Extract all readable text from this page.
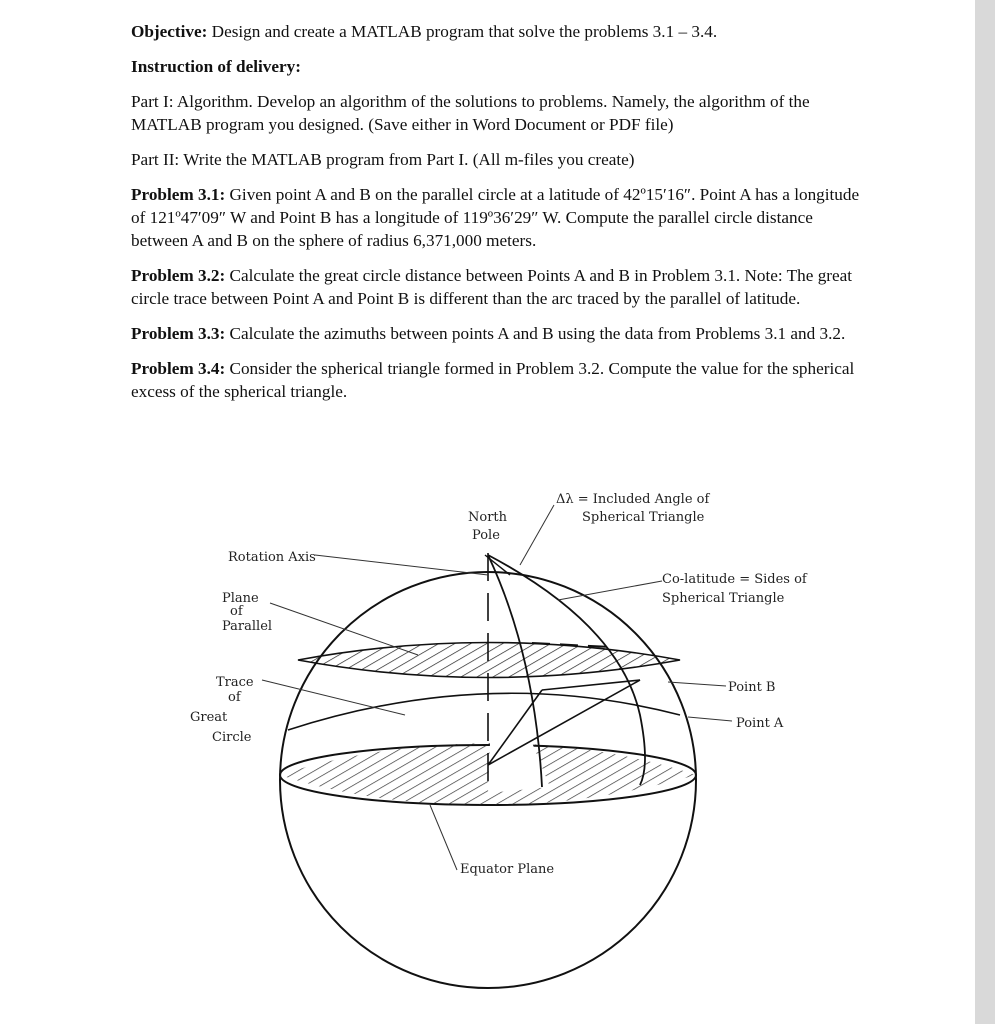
Objective: Design and create a MATLAB program that solve the problems 3.1 – 3.4.

Instruction of delivery:

Part I: Algorithm. Develop an algorithm of the solutions to problems. Namely, the algorithm of the MATLAB program you designed. (Save either in Word Document or PDF file)

Part II: Write the MATLAB program from Part I. (All m-files you create)

Problem 3.1: Given point A and B on the parallel circle at a latitude of 42º15′16″. Point A has a longitude of 121º47′09″ W and Point B has a longitude of 119º36′29″ W. Compute the parallel circle distance between A and B on the sphere of radius 6,371,000 meters.

Problem 3.2: Calculate the great circle distance between Points A and B in Problem 3.1. Note: The great circle trace between Point A and Point B is different than the arc traced by the parallel of latitude.

Problem 3.3: Calculate the azimuths between points A and B using the data from Problems 3.1 and 3.2.

Problem 3.4: Consider the spherical triangle formed in Problem 3.2. Compute the value for the spherical excess of the spherical triangle.

Δλ = Included Angle of
Spherical Triangle
North
Pole
Rotation Axis
Plane
of
Parallel
Co-latitude = Sides of
Spherical Triangle
Trace
of
Great
Circle
Point B
Point A
Equator Plane
